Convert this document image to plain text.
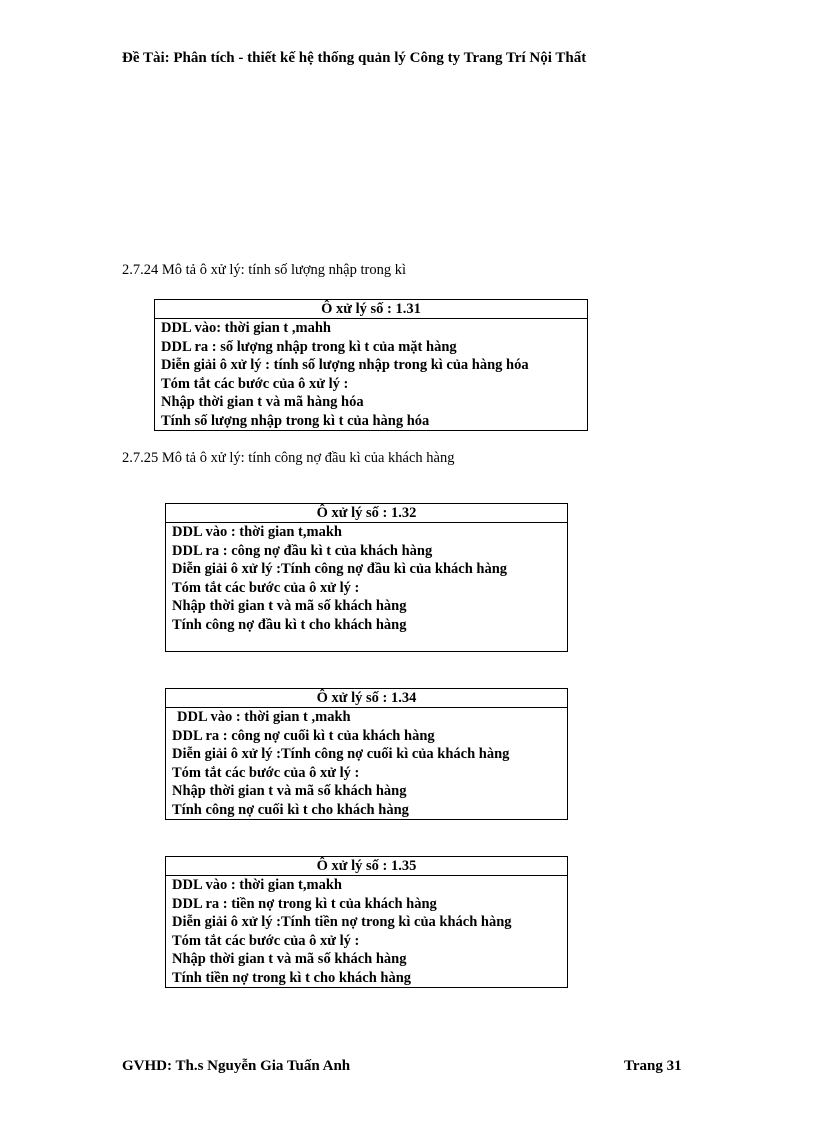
Đề Tài: Phân tích - thiết kế hệ thống quản lý Công ty Trang Trí Nội Thất
2.7.24 Mô tả ô xử lý: tính số lượng nhập trong kì
Ô xử lý số : 1.31
DDL vào: thời gian t ,mahh
DDL ra : số lượng nhập trong kì t của mặt hàng
Diễn giải ô xử lý : tính số lượng nhập trong kì của hàng hóa
Tóm tắt các bước của ô xử lý :
Nhập thời gian t và mã hàng hóa
Tính số lượng nhập trong kì t của hàng hóa
2.7.25 Mô tả ô xử lý: tính công nợ đầu kì của khách hàng
Ô xử lý số : 1.32
DDL vào : thời gian t,makh
DDL ra : công nợ đầu kì t của khách hàng
Diễn giải ô xử lý :Tính công nợ đầu kì của khách hàng
Tóm tắt các bước của ô xử lý :
Nhập thời gian t và mã số khách hàng
Tính công nợ đầu kì t cho khách hàng
Ô xử lý số : 1.34
DDL vào : thời gian t ,makh
DDL ra : công nợ cuối kì t của khách hàng
Diễn giải ô xử lý :Tính công nợ cuối kì của khách hàng
Tóm tắt các bước của ô xử lý :
Nhập thời gian t và mã số khách hàng
Tính công nợ cuối kì t cho khách hàng
Ô xử lý số : 1.35
DDL vào : thời gian t,makh
DDL ra : tiền nợ trong kì t của khách hàng
Diễn giải ô xử lý :Tính tiền nợ trong kì của khách hàng
Tóm tắt các bước của ô xử lý :
Nhập thời gian t và mã số khách hàng
Tính tiền nợ trong kì t cho khách hàng
GVHD: Th.s Nguyễn Gia Tuấn Anh	Trang 31
